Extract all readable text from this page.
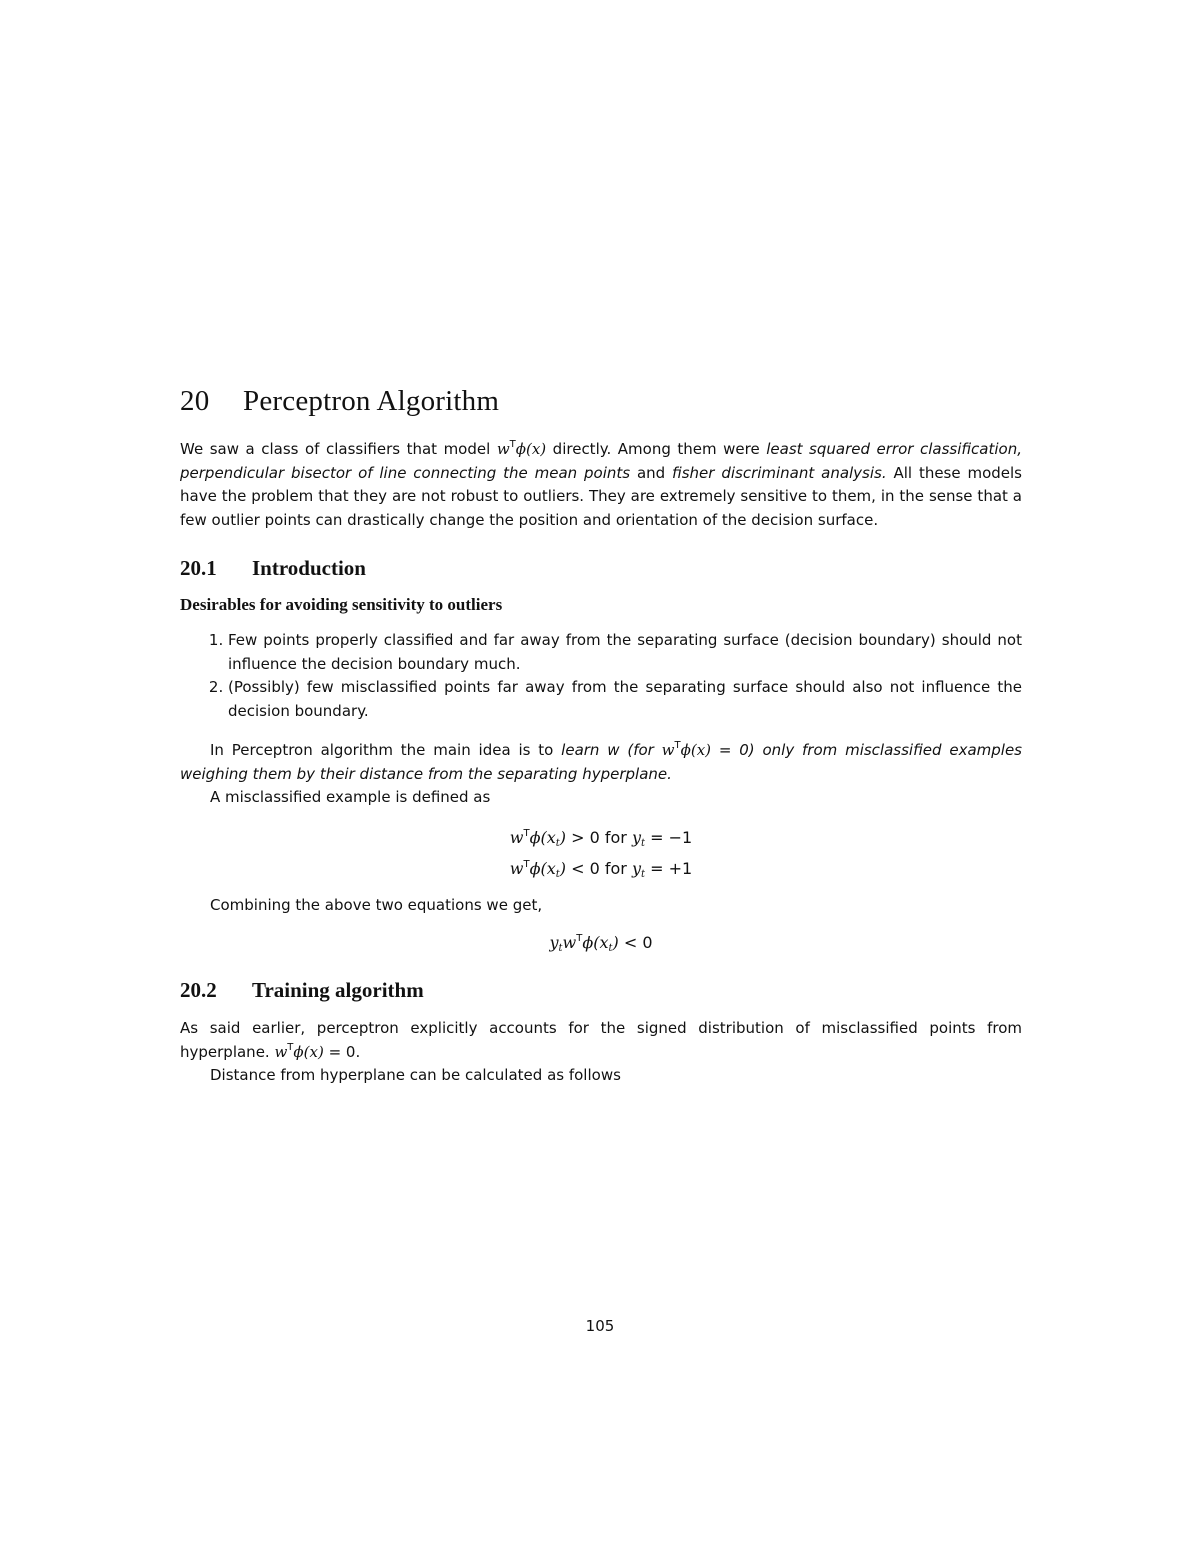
20 Perceptron Algorithm

We saw a class of classifiers that model $w^T\phi(x)$ directly. Among them were least squared error classification, perpendicular bisector of line connecting the mean points and fisher discriminant analysis. All these models have the problem that they are not robust to outliers. They are extremely sensitive to them, in the sense that a few outlier points can drastically change the position and orientation of the decision surface.

20.1 Introduction
Desirables for avoiding sensitivity to outliers
1. Few points properly classified and far away from the separating surface (decision boundary) should not influence the decision boundary much.
2. (Possibly) few misclassified points far away from the separating surface should also not influence the decision boundary.

In Perceptron algorithm the main idea is to learn w (for $w^T\phi(x) = 0$) only from misclassified examples weighing them by their distance from the separating hyperplane.

A misclassified example is defined as

$w^T\phi(x_t) > 0$ for $y_t = -1$
$w^T\phi(x_t) < 0$ for $y_t = +1$

Combining the above two equations we get,

$y_tw^T\phi(x_t) < 0$
20.2 Training algorithm

As said earlier, perceptron explicitly accounts for the signed distribution of misclassified points from hyperplane. $w^T\phi(x) = 0$.

Distance from hyperplane can be calculated as follows

105
